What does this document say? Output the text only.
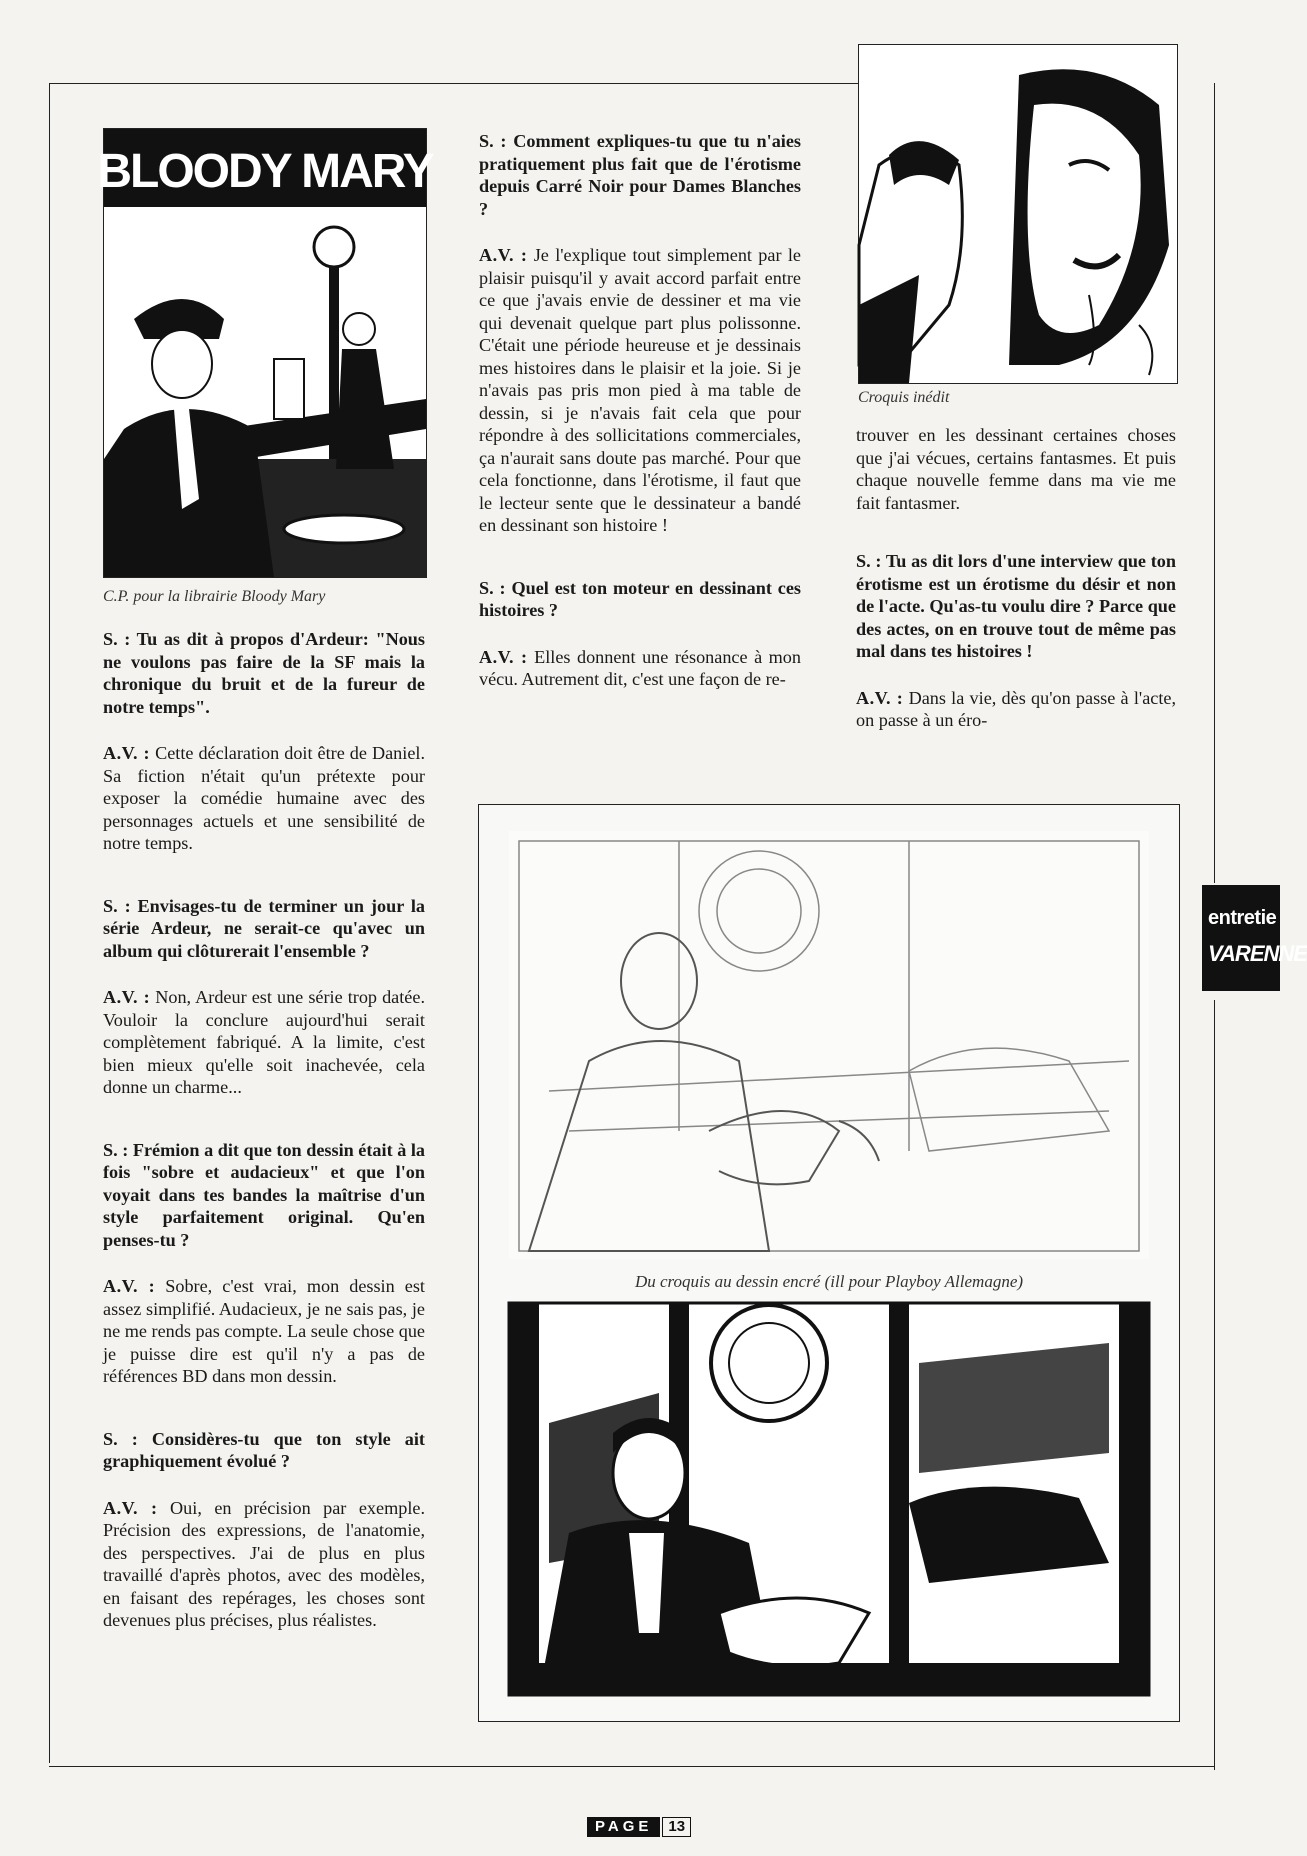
BLOODY MARY

C.P. pour la librairie Bloody Mary

Croquis inédit

S. : Tu as dit à propos d'Ardeur: "Nous ne voulons pas faire de la SF mais la chronique du bruit et de la fureur de notre temps".

A.V. : Cette déclaration doit être de Daniel. Sa fiction n'était qu'un prétexte pour exposer la comédie humaine avec des personnages actuels et une sensibilité de notre temps.

S. : Envisages-tu de terminer un jour la série Ardeur, ne serait-ce qu'avec un album qui clôturerait l'ensemble ?

A.V. : Non, Ardeur est une série trop datée. Vouloir la conclure aujourd'hui serait complètement fabriqué. A la limite, c'est bien mieux qu'elle soit inachevée, cela donne un charme...

S. : Frémion a dit que ton dessin était à la fois "sobre et audacieux" et que l'on voyait dans tes bandes la maîtrise d'un style parfaitement original. Qu'en penses-tu ?

A.V. : Sobre, c'est vrai, mon dessin est assez simplifié. Audacieux, je ne sais pas, je ne me rends pas compte. La seule chose que je puisse dire est qu'il n'y a pas de références BD dans mon dessin.

S. : Considères-tu que ton style ait graphiquement évolué ?

A.V. : Oui, en précision par exemple. Précision des expressions, de l'anatomie, des perspectives. J'ai de plus en plus travaillé d'après photos, avec des modèles, en faisant des repérages, les choses sont devenues plus précises, plus réalistes.

S. : Comment expliques-tu que tu n'aies pratiquement plus fait que de l'érotisme depuis Carré Noir pour Dames Blanches ?

A.V. : Je l'explique tout simplement par le plaisir puisqu'il y avait accord parfait entre ce que j'avais envie de dessiner et ma vie qui devenait quelque part plus polissonne. C'était une période heureuse et je dessinais mes histoires dans le plaisir et la joie. Si je n'avais pas pris mon pied à ma table de dessin, si je n'avais fait cela que pour répondre à des sollicitations commerciales, ça n'aurait sans doute pas marché. Pour que cela fonctionne, dans l'érotisme, il faut que le lecteur sente que le dessinateur a bandé en dessinant son histoire !

S. : Quel est ton moteur en dessinant ces histoires ?

A.V. : Elles donnent une résonance à mon vécu. Autrement dit, c'est une façon de re-

trouver en les dessinant certaines choses que j'ai vécues, certains fantasmes. Et puis chaque nouvelle femme dans ma vie me fait fantasmer.

S. : Tu as dit lors d'une interview que ton érotisme est un érotisme du désir et non de l'acte. Qu'as-tu voulu dire ? Parce que des actes, on en trouve tout de même pas mal dans tes histoires !

A.V. : Dans la vie, dès qu'on passe à l'acte, on passe à un éro-

Du croquis au dessin encré (ill pour Playboy Allemagne)

entretie
VARENNE
PAGE	13
